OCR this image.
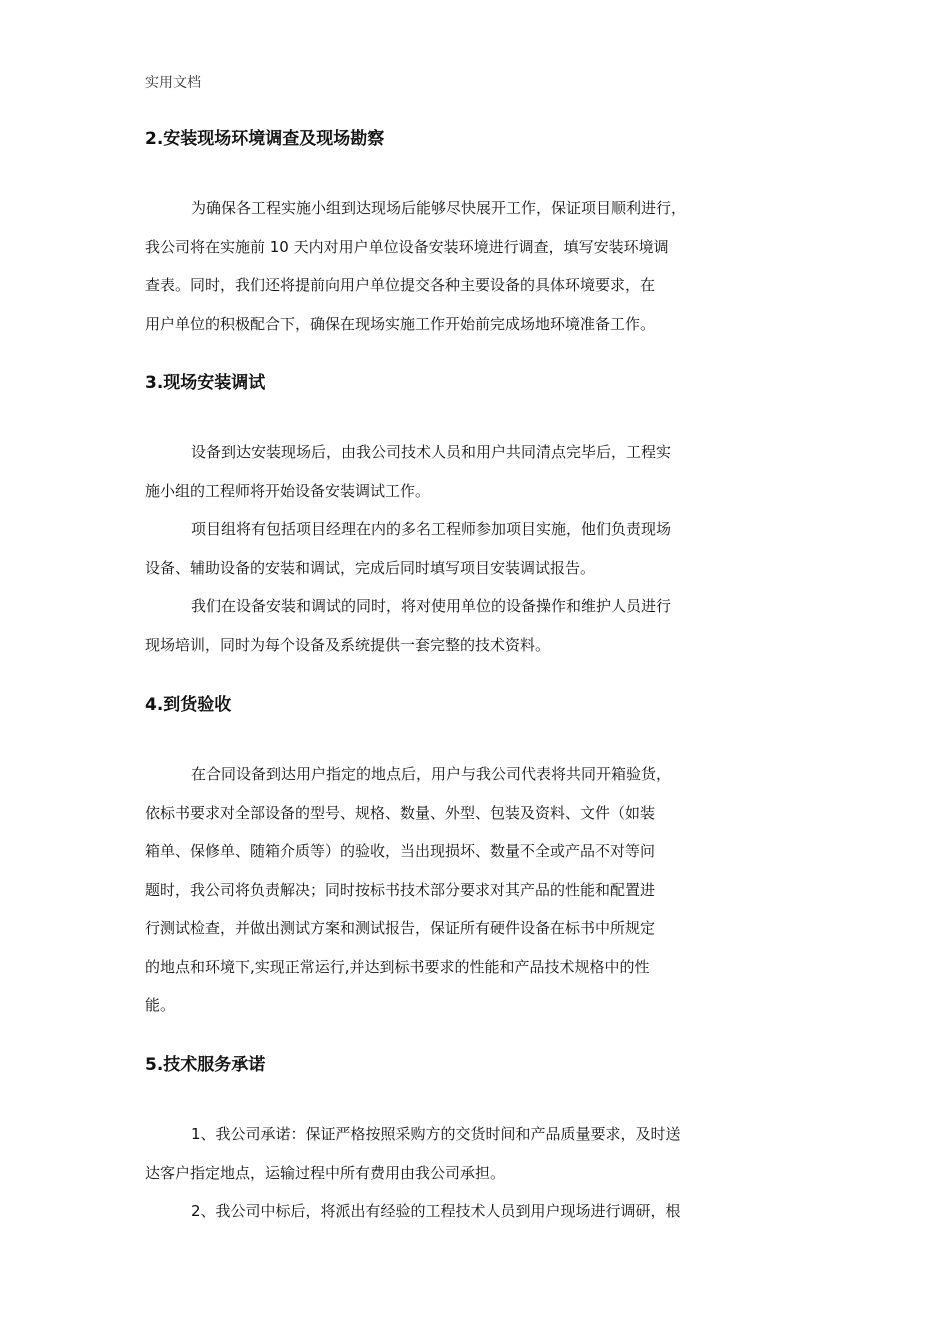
实用文档
2.安装现场环境调查及现场勘察
为确保各工程实施小组到达现场后能够尽快展开工作，保证项目顺利进行，
我公司将在实施前 10 天内对用户单位设备安装环境进行调查，填写安装环境调
查表。同时，我们还将提前向用户单位提交各种主要设备的具体环境要求，在
用户单位的积极配合下，确保在现场实施工作开始前完成场地环境准备工作。
3.现场安装调试
设备到达安装现场后，由我公司技术人员和用户共同清点完毕后，工程实
施小组的工程师将开始设备安装调试工作。
项目组将有包括项目经理在内的多名工程师参加项目实施，他们负责现场
设备、辅助设备的安装和调试，完成后同时填写项目安装调试报告。
我们在设备安装和调试的同时，将对使用单位的设备操作和维护人员进行
现场培训，同时为每个设备及系统提供一套完整的技术资料。
4.到货验收
在合同设备到达用户指定的地点后，用户与我公司代表将共同开箱验货，
依标书要求对全部设备的型号、规格、数量、外型、包装及资料、文件（如装
箱单、保修单、随箱介质等）的验收，当出现损坏、数量不全或产品不对等问
题时，我公司将负责解决；同时按标书技术部分要求对其产品的性能和配置进
行测试检查，并做出测试方案和测试报告，保证所有硬件设备在标书中所规定
的地点和环境下,实现正常运行,并达到标书要求的性能和产品技术规格中的性
能。
5.技术服务承诺
1、我公司承诺：保证严格按照采购方的交货时间和产品质量要求，及时送
达客户指定地点，运输过程中所有费用由我公司承担。
2、我公司中标后，将派出有经验的工程技术人员到用户现场进行调研，根
